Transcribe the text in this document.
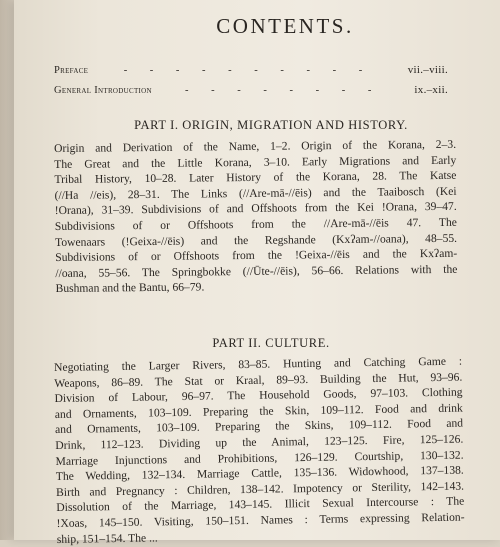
CONTENTS.
Preface	- - - - - - - - - -	vii.–viii.
General Introduction	- - - - - - - -	ix.–xii.
PART I. ORIGIN, MIGRATION AND HISTORY.
Origin and Derivation of the Name, 1–2. Origin of the Korana, 2–3.
The Great and the Little Korana, 3–10. Early Migrations and Early
Tribal History, 10–28. Later History of the Korana, 28. The Katse
(//Ha //eis), 28–31. The Links (//Are-mā-//ēis) and the Taaibosch (Kei
!Orana), 31–39. Subdivisions of and Offshoots from the Kei !Orana, 39–47.
Subdivisions of or Offshoots from the //Are-mā-//ēis 47. The
Towenaars (!Geixa-//ēis) and the Regshande (Kxʔam-//oana), 48–55.
Subdivisions of or Offshoots from the !Geixa-//ēis and the Kxʔam-
//oana, 55–56. The Springbokke (//Ūte-//ēis), 56–66. Relations with the
Bushman and the Bantu, 66–79.
PART II. CULTURE.
Negotiating the Larger Rivers, 83–85. Hunting and Catching Game :
Weapons, 86–89. The Stat or Kraal, 89–93. Building the Hut, 93–96.
Division of Labour, 96–97. The Household Goods, 97–103. Clothing
and Ornaments, 103–109. Preparing the Skin, 109–112. Food and drink
and Ornaments, 103–109. Preparing the Skins, 109–112. Food and
Drink, 112–123. Dividing up the Animal, 123–125. Fire, 125–126.
Marriage Injunctions and Prohibitions, 126–129. Courtship, 130–132.
The Wedding, 132–134. Marriage Cattle, 135–136. Widowhood, 137–138.
Birth and Pregnancy : Children, 138–142. Impotency or Sterility, 142–143.
Dissolution of the Marriage, 143–145. Illicit Sexual Intercourse : The
!Xoas, 145–150. Visiting, 150–151. Names : Terms expressing Relation-
ship, 151–154. The ...
